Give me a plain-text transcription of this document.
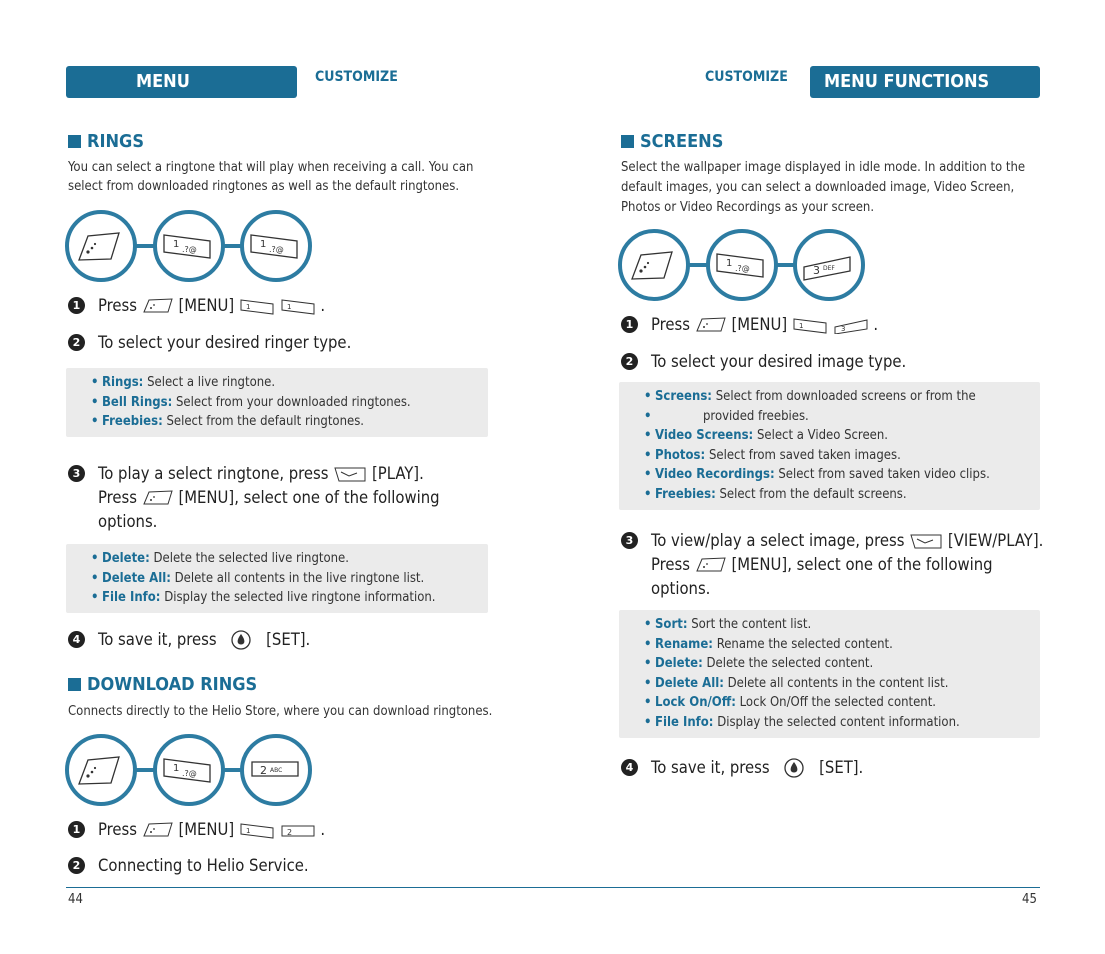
MENU FUNCTIONS
CUSTOMIZE
RINGS
You can select a ringtone that will play when receiving a call. You can select from downloaded ringtones as well as the default ringtones.
1 .?@	1 .?@
1 Press	[MENU] 1
	1 .
2 To select your desired ringer type.
• Rings: Select a live ringtone.
• Bell Rings: Select from your downloaded ringtones.
• Freebies: Select from the default ringtones.
3 To play a select ringtone, press	[PLAY].
Press	[MENU], select one of the following
options.
• Delete: Delete the selected live ringtone.
• Delete All: Delete all contents in the live ringtone list.
• File Info: Display the selected live ringtone information.
4 To save it, press	[SET].
DOWNLOAD RINGS
Connects directly to the Helio Store, where you can download ringtones.
1 .?@	2 ABC
1 Press	[MENU] 1
	2 .
2 Connecting to Helio Service.
CUSTOMIZE	MENU FUNCTIONS
SCREENS
Select the wallpaper image displayed in idle mode. In addition to the default images, you can select a downloaded image, Video Screen, Photos or Video Recordings as your screen.
1 .?@	3 DEF
1 Press	[MENU] 1
	3 .
2 To select your desired image type.
• Screens: Select from downloaded screens or from the
• provided freebies.
• Video Screens: Select a Video Screen.
• Photos: Select from saved taken images.
• Video Recordings: Select from saved taken video clips.
• Freebies: Select from the default screens.
3 To view/play a select image, press	[VIEW/PLAY].
Press	[MENU], select one of the following
options.
• Sort: Sort the content list.
• Rename: Rename the selected content.
• Delete: Delete the selected content.
• Delete All: Delete all contents in the content list.
• Lock On/Off: Lock On/Off the selected content.
• File Info: Display the selected content information.
4 To save it, press	[SET].
44	45
